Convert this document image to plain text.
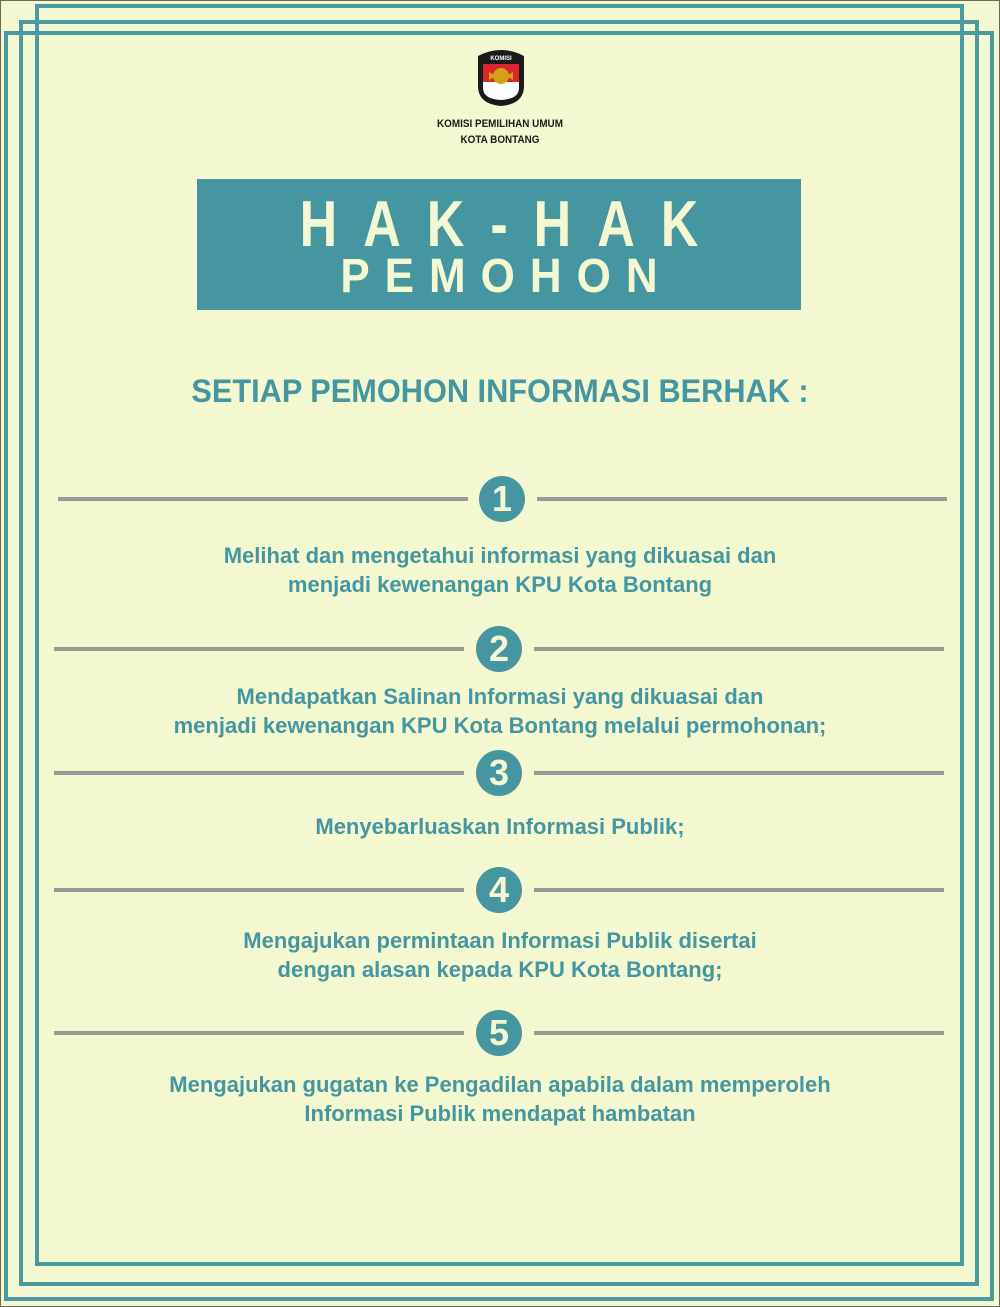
KOMISI
KOMISI PEMILIHAN UMUM
KOTA BONTANG
HAK-HAK
PEMOHON INFORMASI
SETIAP PEMOHON INFORMASI BERHAK :
1
Melihat dan mengetahui informasi yang dikuasai dan
menjadi kewenangan KPU Kota Bontang
2
Mendapatkan Salinan Informasi yang dikuasai dan
menjadi kewenangan KPU Kota Bontang melalui permohonan;
3
Menyebarluaskan Informasi Publik;
4
Mengajukan permintaan Informasi Publik disertai
dengan alasan kepada KPU Kota Bontang;
5
Mengajukan gugatan ke Pengadilan apabila dalam memperoleh
Informasi Publik mendapat hambatan
